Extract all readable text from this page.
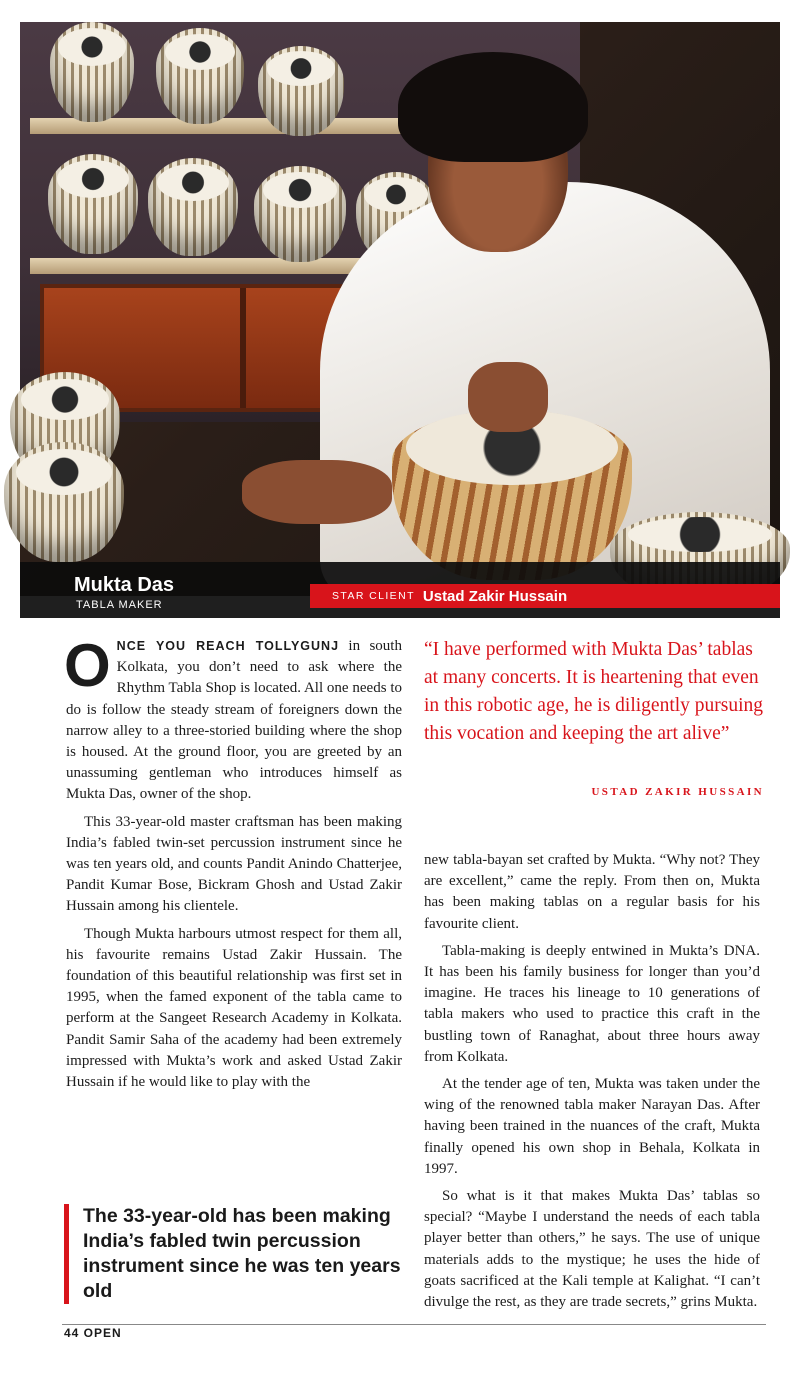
Mukta Das
TABLA MAKER
STAR CLIENT Ustad Zakir Hussain

ONCE YOU REACH TOLLYGUNJ in south Kolkata, you don’t need to ask where the Rhythm Tabla Shop is located. All one needs to do is follow the steady stream of foreigners down the narrow alley to a three-storied building where the shop is housed. At the ground floor, you are greeted by an unassuming gentleman who introduces himself as Mukta Das, owner of the shop.

This 33-year-old master craftsman has been making India’s fabled twin-set percussion instrument since he was ten years old, and counts Pandit Anindo Chatterjee, Pandit Kumar Bose, Bickram Ghosh and Ustad Zakir Hussain among his clientele.

Though Mukta harbours utmost respect for them all, his favourite remains Ustad Zakir Hussain. The foundation of this beautiful relationship was first set in 1995, when the famed exponent of the tabla came to perform at the Sangeet Research Academy in Kolkata. Pandit Samir Saha of the academy had been extremely impressed with Mukta’s work and asked Ustad Zakir Hussain if he would like to play with the

“I have performed with Mukta Das’ tablas at many concerts. It is heartening that even in this robotic age, he is diligently pursuing this vocation and keeping the art alive”
USTAD ZAKIR HUSSAIN

new tabla-bayan set crafted by Mukta. “Why not? They are excellent,” came the reply. From then on, Mukta has been making tablas on a regular basis for his favourite client.

Tabla-making is deeply entwined in Mukta’s DNA. It has been his family business for longer than you’d imagine. He traces his lineage to 10 generations of tabla makers who used to practice this craft in the bustling town of Ranaghat, about three hours away from Kolkata.

At the tender age of ten, Mukta was taken under the wing of the renowned tabla maker Narayan Das. After having been trained in the nuances of the craft, Mukta finally opened his own shop in Behala, Kolkata in 1997.

So what is it that makes Mukta Das’ tablas so special? “Maybe I understand the needs of each tabla player better than others,” he says. The use of unique materials adds to the mystique; he uses the hide of goats sacrificed at the Kali temple at Kalighat. “I can’t divulge the rest, as they are trade secrets,” grins Mukta.

The 33-year-old has been making India’s fabled twin percussion instrument since he was ten years old
44 OPEN
